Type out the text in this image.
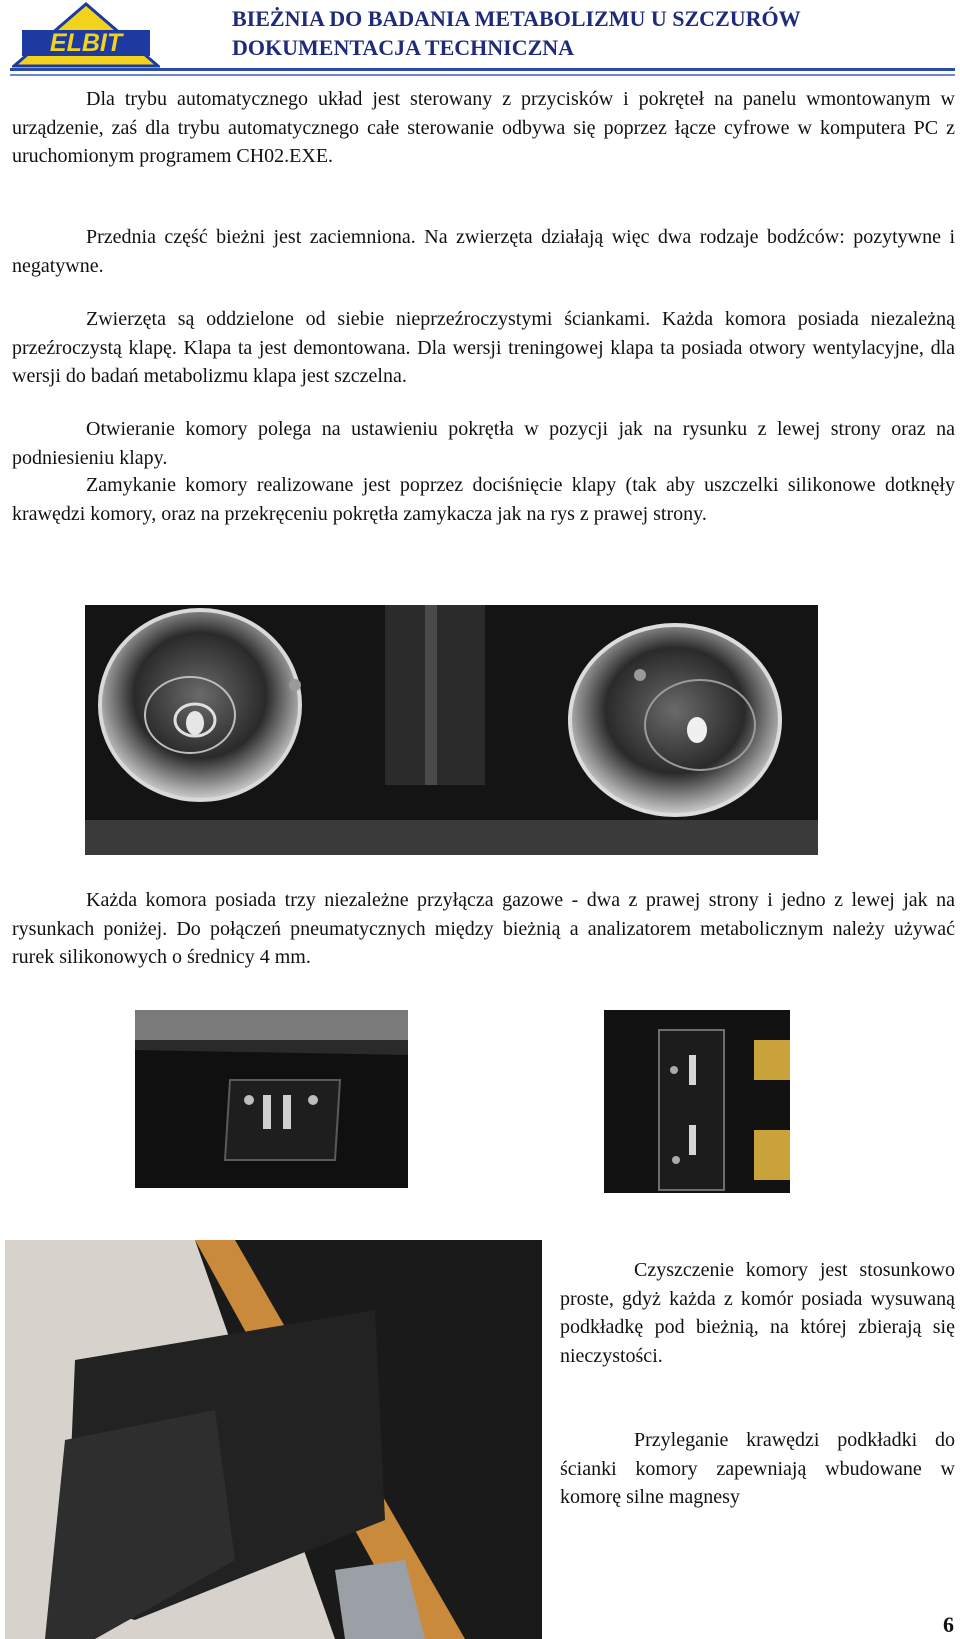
ELBIT
BIEŻNIA DO BADANIA METABOLIZMU U SZCZURÓW
DOKUMENTACJA TECHNICZNA

Dla trybu automatycznego układ jest sterowany z przycisków i pokręteł na panelu wmontowanym w urządzenie, zaś dla trybu automatycznego całe sterowanie odbywa się poprzez łącze cyfrowe w komputera PC z uruchomionym programem CH02.EXE.

Przednia część bieżni jest zaciemniona. Na zwierzęta działają więc dwa rodzaje bodźców: pozytywne i negatywne.

Zwierzęta są oddzielone od siebie nieprzeźroczystymi ściankami. Każda komora posiada niezależną przeźroczystą klapę. Klapa ta jest demontowana. Dla wersji treningowej klapa ta posiada otwory wentylacyjne, dla wersji do badań metabolizmu klapa jest szczelna.

Otwieranie komory polega na ustawieniu pokrętła w pozycji jak na rysunku z lewej strony oraz na podniesieniu klapy.

Zamykanie komory realizowane jest poprzez dociśnięcie klapy (tak aby uszczelki silikonowe dotknęły krawędzi komory, oraz na przekręceniu pokrętła zamykacza jak na rys z prawej strony.

Każda komora posiada trzy niezależne przyłącza gazowe - dwa z prawej strony i jedno z lewej jak na rysunkach poniżej. Do połączeń pneumatycznych między bieżnią a analizatorem metabolicznym należy używać rurek silikonowych o średnicy 4 mm.

Czyszczenie komory jest stosunkowo proste, gdyż każda z komór posiada wysuwaną podkładkę pod bieżnią, na której zbierają się nieczystości.

Przyleganie krawędzi podkładki do ścianki komory zapewniają wbudowane w komorę silne magnesy

6
